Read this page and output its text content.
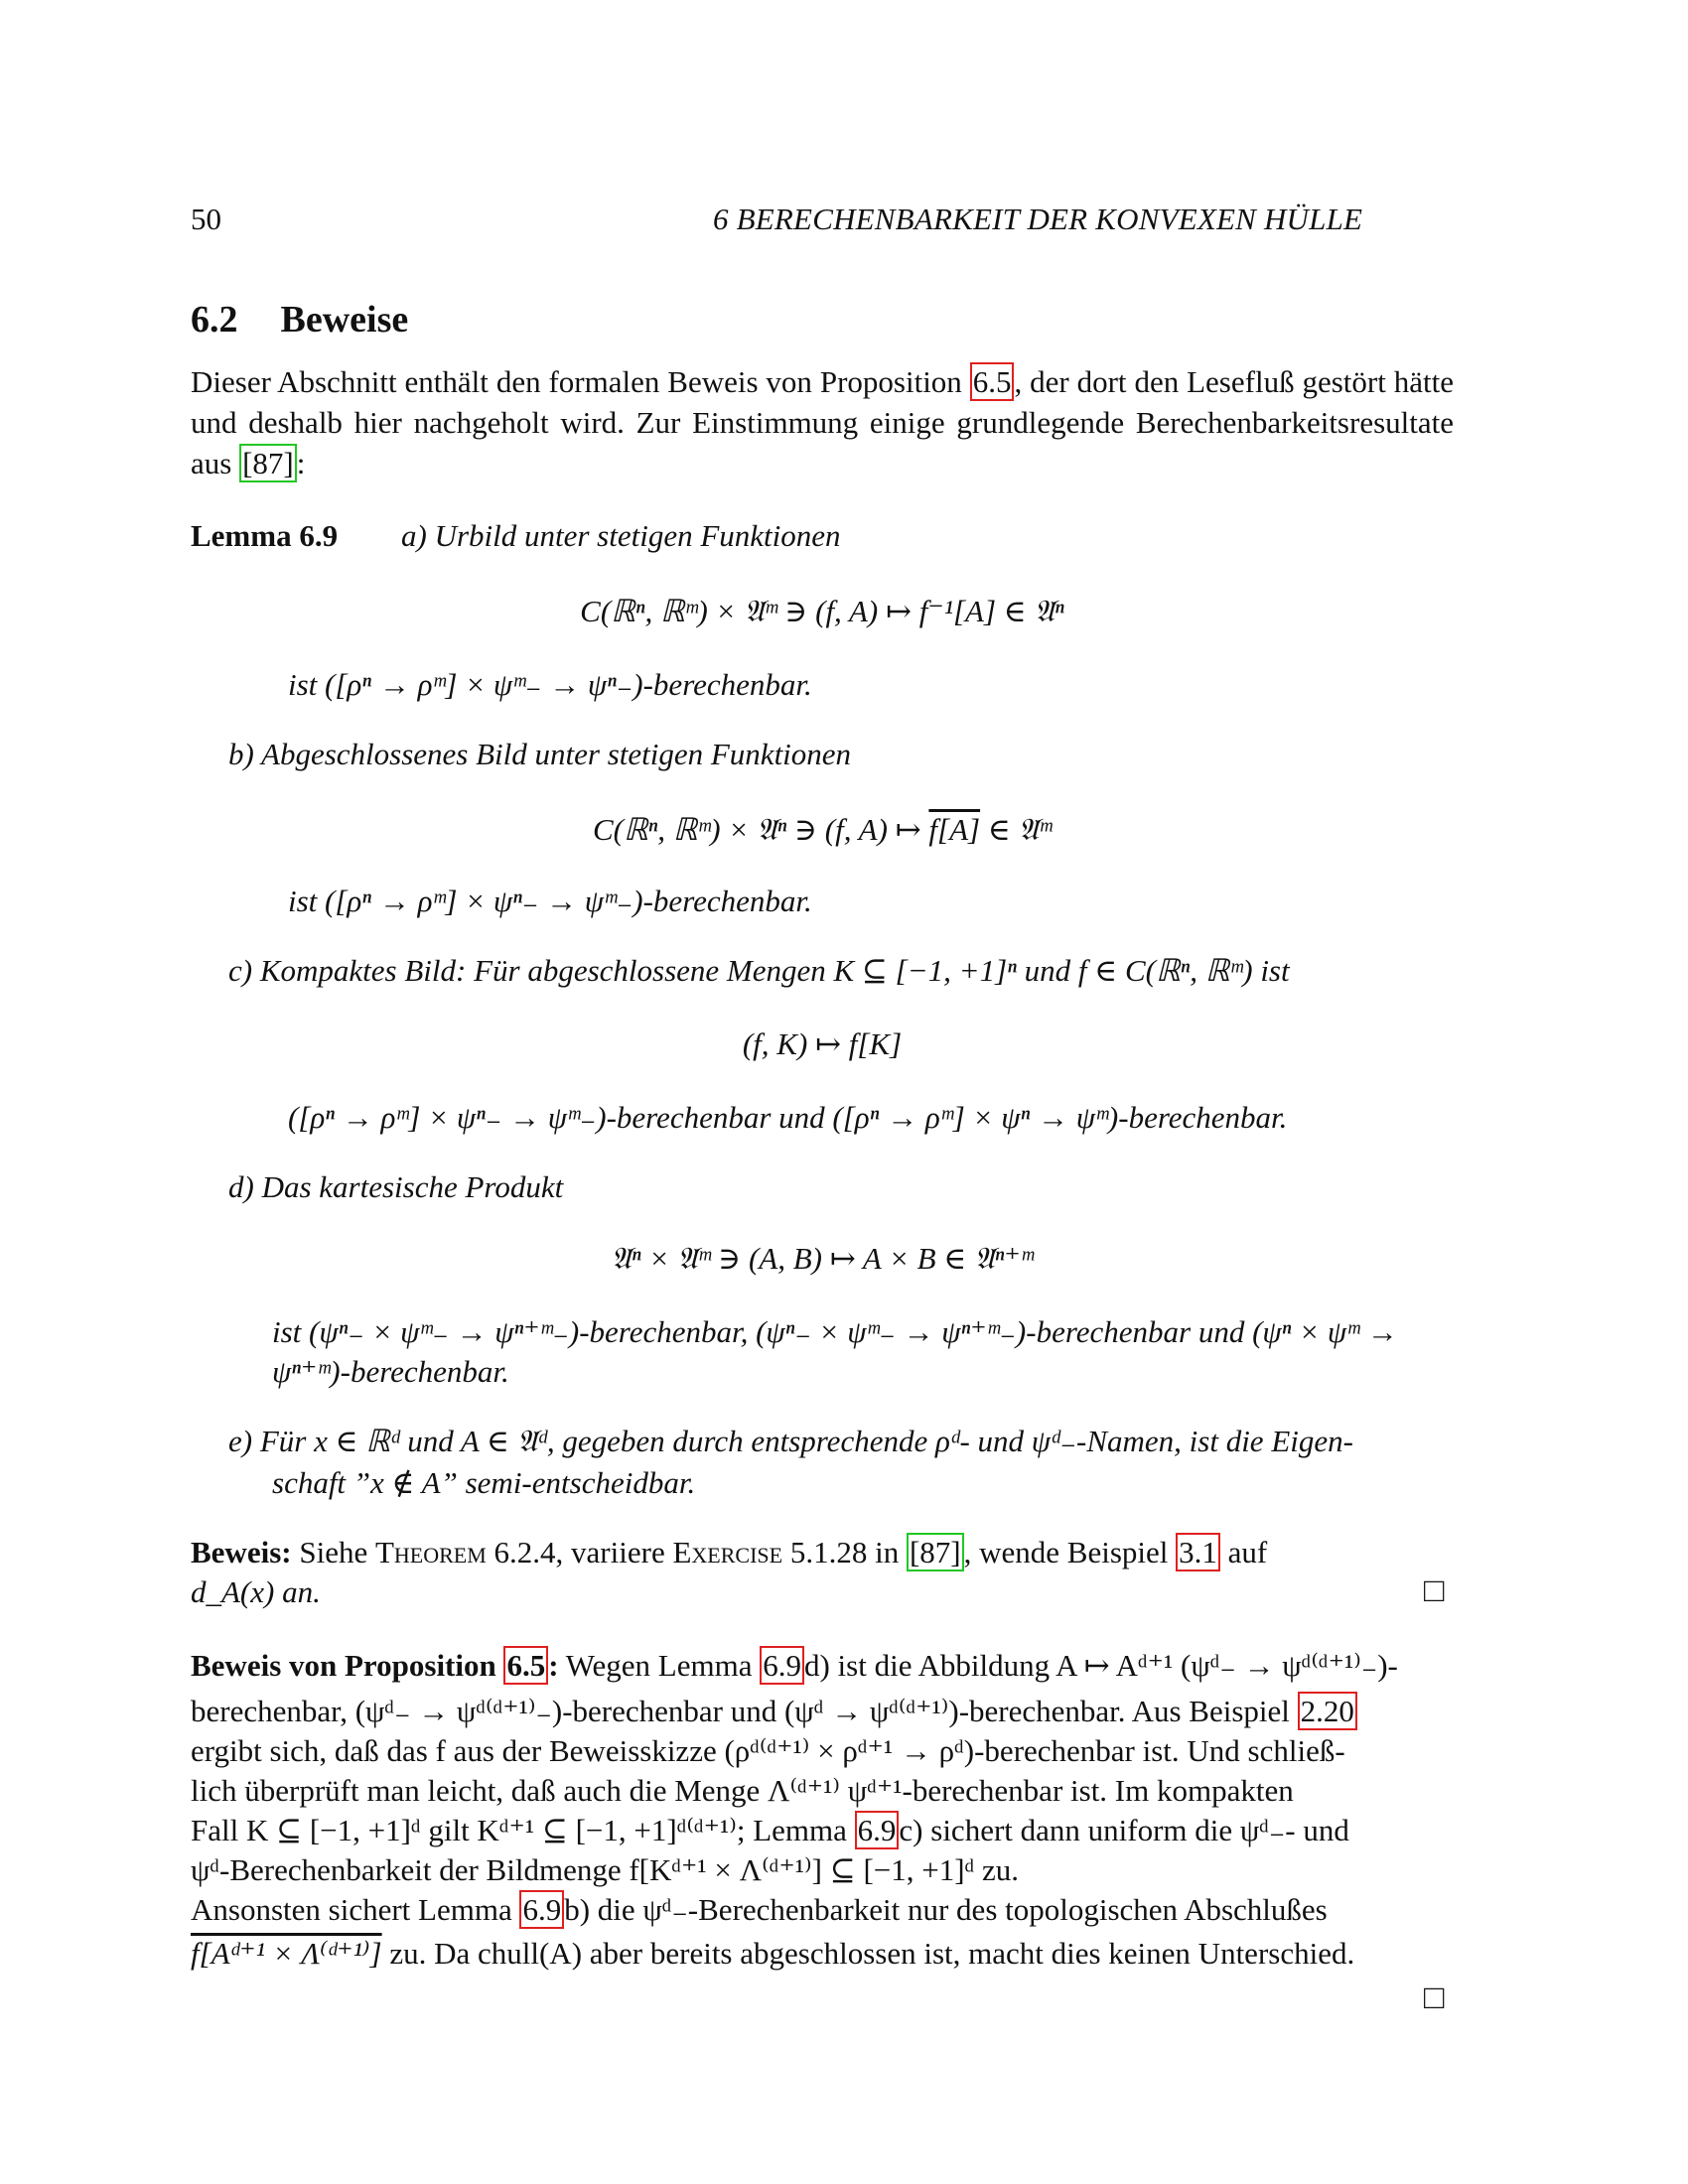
50	6 BERECHENBARKEIT DER KONVEXEN HÜLLE
6.2 Beweise
Dieser Abschnitt enthält den formalen Beweis von Proposition 6.5, der dort den Lesefluß gestört hätte und deshalb hier nachgeholt wird. Zur Einstimmung einige grundlegende Berechenbarkeitsresultate aus [87]:
Lemma 6.9 a) Urbild unter stetigen Funktionen
C(ℝⁿ, ℝᵐ) × 𝔄ᵐ ∋ (f, A) ↦ f⁻¹[A] ∈ 𝔄ⁿ
ist ([ρⁿ → ρᵐ] × ψᵐ₋ → ψⁿ₋)-berechenbar.
b) Abgeschlossenes Bild unter stetigen Funktionen
C(ℝⁿ, ℝᵐ) × 𝔄ⁿ ∋ (f, A) ↦ f[A] ∈ 𝔄ᵐ
ist ([ρⁿ → ρᵐ] × ψⁿ₋ → ψᵐ₋)-berechenbar.
c) Kompaktes Bild: Für abgeschlossene Mengen K ⊆ [−1, +1]ⁿ und f ∈ C(ℝⁿ, ℝᵐ) ist
(f, K) ↦ f[K]
([ρⁿ → ρᵐ] × ψⁿ₋ → ψᵐ₋)-berechenbar und ([ρⁿ → ρᵐ] × ψⁿ → ψᵐ)-berechenbar.
d) Das kartesische Produkt
𝔄ⁿ × 𝔄ᵐ ∋ (A, B) ↦ A × B ∈ 𝔄ⁿ⁺ᵐ
ist (ψⁿ₋ × ψᵐ₋ → ψⁿ⁺ᵐ₋)-berechenbar, (ψⁿ₋ × ψᵐ₋ → ψⁿ⁺ᵐ₋)-berechenbar und (ψⁿ × ψᵐ →
ψⁿ⁺ᵐ)-berechenbar.
e) Für x ∈ ℝᵈ und A ∈ 𝔄ᵈ, gegeben durch entsprechende ρᵈ- und ψᵈ₋-Namen, ist die Eigen-
schaft ”x ∉ A” semi-entscheidbar.
Beweis: Siehe Theorem 6.2.4, variiere Exercise 5.1.28 in [87], wende Beispiel 3.1 auf
d_A(x) an.	□
Beweis von Proposition 6.5: Wegen Lemma 6.9d) ist die Abbildung A ↦ Aᵈ⁺¹ (ψᵈ₋ → ψᵈ⁽ᵈ⁺¹⁾₋)-
berechenbar, (ψᵈ₋ → ψᵈ⁽ᵈ⁺¹⁾₋)-berechenbar und (ψᵈ → ψᵈ⁽ᵈ⁺¹⁾)-berechenbar. Aus Beispiel 2.20
ergibt sich, daß das f aus der Beweisskizze (ρᵈ⁽ᵈ⁺¹⁾ × ρᵈ⁺¹ → ρᵈ)-berechenbar ist. Und schließ-
lich überprüft man leicht, daß auch die Menge Λ⁽ᵈ⁺¹⁾ ψᵈ⁺¹-berechenbar ist. Im kompakten
Fall K ⊆ [−1, +1]ᵈ gilt Kᵈ⁺¹ ⊆ [−1, +1]ᵈ⁽ᵈ⁺¹⁾; Lemma 6.9c) sichert dann uniform die ψᵈ₋- und
ψᵈ-Berechenbarkeit der Bildmenge f[Kᵈ⁺¹ × Λ⁽ᵈ⁺¹⁾] ⊆ [−1, +1]ᵈ zu.
Ansonsten sichert Lemma 6.9b) die ψᵈ₋-Berechenbarkeit nur des topologischen Abschlußes
f[Aᵈ⁺¹ × Λ⁽ᵈ⁺¹⁾] zu. Da chull(A) aber bereits abgeschlossen ist, macht dies keinen Unterschied.
□
